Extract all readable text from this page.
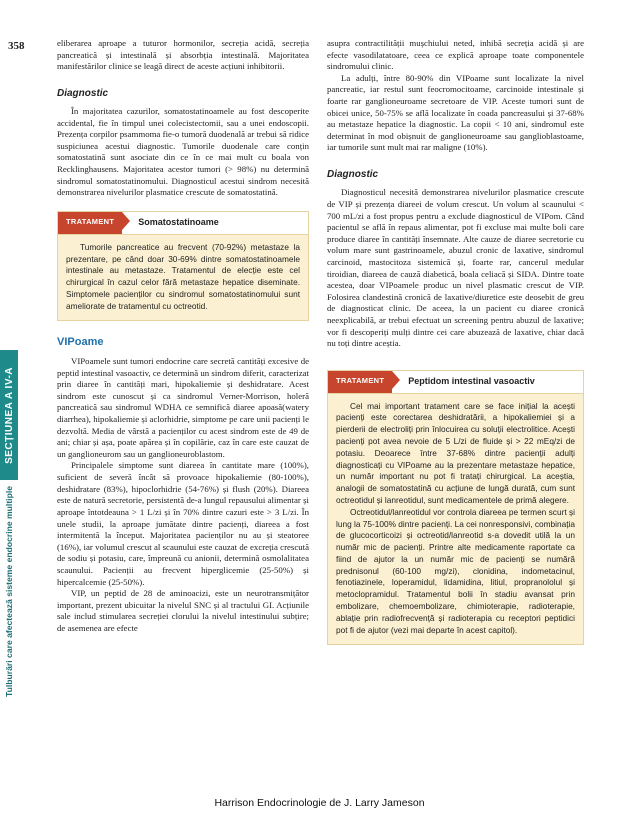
358
SECȚIUNEA A IV-A
Tulburări care afectează sisteme endocrine multiple

eliberarea aproape a tuturor hormonilor, secreția acidă, secreția pancreatică și intestinală și absorbția intestinală. Majoritatea manifestărilor clinice se leagă direct de aceste acțiuni inhibitorii.

Diagnostic

În majoritatea cazurilor, somatostatinoamele au fost descoperite accidental, fie în timpul unei colecistectomii, sau a unei endoscopii. Prezența corpilor psammoma fie-o tumoră duodenală ar trebui să ridice suspiciunea acestui diagnostic. Tumorile duodenale care conțin somatostatină sunt asociate din ce în ce mai mult cu boala von Recklinghausens. Majoritatea acestor tumori (> 98%) nu determină sindromul somatostatinomului. Diagnosticul acestui sindrom necesită demonstrarea nivelurilor plasmatice crescute de somatostatină.

TRATAMENT	Somatostatinoame

Tumorile pancreatice au frecvent (70-92%) metastaze la prezentare, pe când doar 30-69% dintre somatostatinoamele intestinale au metastaze. Tratamentul de elecție este cel chirurgical în cazul celor fără metastaze hepatice diseminate. Simptomele pacienților cu sindromul somatostatinomului sunt ameliorate de tratamentul cu octreotid.

VIPoame

VIPoamele sunt tumori endocrine care secretă cantități excesive de peptid intestinal vasoactiv, ce determină un sindrom diferit, caracterizat prin diaree în cantități mari, hipokaliemie și deshidratare. Acest sindrom este cunoscut și ca sindromul Verner-Morrison, holeră pancreatică sau sindromul WDHA ce semnifică diaree apoasă(watery diarrhea), hipokaliemie și aclorhidrie, simptome pe care unii pacienți le dezvoltă. Media de vârstă a pacienților cu acest sindrom este de 49 de ani; chiar și așa, poate apărea și în copilărie, caz în care este cauzat de un ganglioneurom sau un ganglioneuroblastom.

Principalele simptome sunt diareea în cantitate mare (100%), suficient de severă încât să provoace hipokaliemie (80-100%), deshidratare (83%), hipoclorhidrie (54-76%) și flush (20%). Diareea este de natură secretorie, persistentă de-a lungul repausului alimentar și aproape întotdeauna > 1 L/zi și în 70% dintre cazuri este > 3 L/zi. În unele studii, la aproape jumătate dintre pacienți, diareea a fost intermitentă la început. Majoritatea pacienților nu au și steatoree (16%), iar volumul crescut al scaunului este cauzat de excreția crescută de sodiu și potasiu, care, împreună cu anionii, determină osmolalitatea scaunului. Pacienții au frecvent hiperglicemie (25-50%) și hipercalcemie (25-50%).

VIP, un peptid de 28 de aminoacizi, este un neurotransmițător important, prezent ubicuitar la nivelul SNC și al tractului GI. Acțiunile sale includ stimularea secreției clorului la nivelul intestinului subțire; de asemenea are efecte

asupra contractilității mușchiului neted, inhibă secreția acidă și are efecte vasodilatatoare, ceea ce explică aproape toate componentele sindromului clinic.

La adulți, între 80-90% din VIPoame sunt localizate la nivel pancreatic, iar restul sunt feocromocitoame, carcinoide intestinale și foarte rar ganglioneuroame secretoare de VIP. Aceste tumori sunt de obicei unice, 50-75% se află localizate în coada pancreasului și 37-68% au metastaze hepatice la diagnostic. La copii < 10 ani, sindromul este determinat în mod obișnuit de ganglioneuroame sau ganglioblastoame, iar tumorile sunt mult mai rar maligne (10%).

Diagnostic

Diagnosticul necesită demonstrarea nivelurilor plasmatice crescute de VIP și prezența diareei de volum crescut. Un volum al scaunului < 700 mL/zi a fost propus pentru a exclude diagnosticul de VIPom. Când pacientul se află în repaus alimentar, pot fi excluse mai multe boli care produce diaree în cantități însemnate. Alte cauze de diaree secretorie cu volum mare sunt gastrinoamele, abuzul cronic de laxative, sindromul carcinoid, mastocitoza sistemică și, foarte rar, cancerul medular tiroidian, diareea de cauză diabetică, boala celiacă și SIDA. Dintre toate acestea, doar VIPoamele produc un nivel plasmatic crescut de VIP. Folosirea clandestină cronică de laxative/diuretice este deosebit de greu de diagnosticat clinic. De aceea, la un pacient cu diaree cronică neexplicabilă, ar trebui efectuat un screening pentru abuzul de laxative; vor fi descoperiți mulți dintre cei care abuzează de laxative, chiar dacă nu toți dintre aceștia.

TRATAMENT	Peptidom intestinal vasoactiv

Cel mai important tratament care se face inițial la acești pacienți este corectarea deshidratării, a hipokaliemiei și a pierderii de electroliți prin înlocuirea cu soluții electrolitice. Acești pacienți pot avea nevoie de 5 L/zi de fluide și > 22 mEq/zi de potasiu. Deoarece între 37-68% dintre pacienții adulți diagnosticați cu VIPoame au la prezentare metastaze hepatice, un număr important nu pot fi tratați chirurgical. La aceștia, analogii de somatostatină cu acțiune de lungă durată, cum sunt octreotidul și lanreotidul, sunt medicamentele de primă alegere.

Octreotidul/lanreotidul vor controla diareea pe termen scurt și lung la 75-100% dintre pacienți. La cei nonresponsivi, combinația de glucocorticoizi și octreotid/lanreotid s-a dovedit utilă la un număr mic de pacienți. Printre alte medicamente raportate ca fiind de ajutor la un număr mic de pacienți se numără prednisonul (60-100 mg/zi), clonidina, indometacinul, fenotiazinele, loperamidul, lidamidina, litiul, propranololul și metoclopramidul. Tratamentul bolii în stadiu avansat prin embolizare, chemoembolizare, chimioterapie, radioterapie, ablație prin radiofrecvență și radioterapia cu receptori peptidici pot fi de ajutor (vezi mai departe în acest capitol).

Harrison Endocrinologie de J. Larry Jameson
